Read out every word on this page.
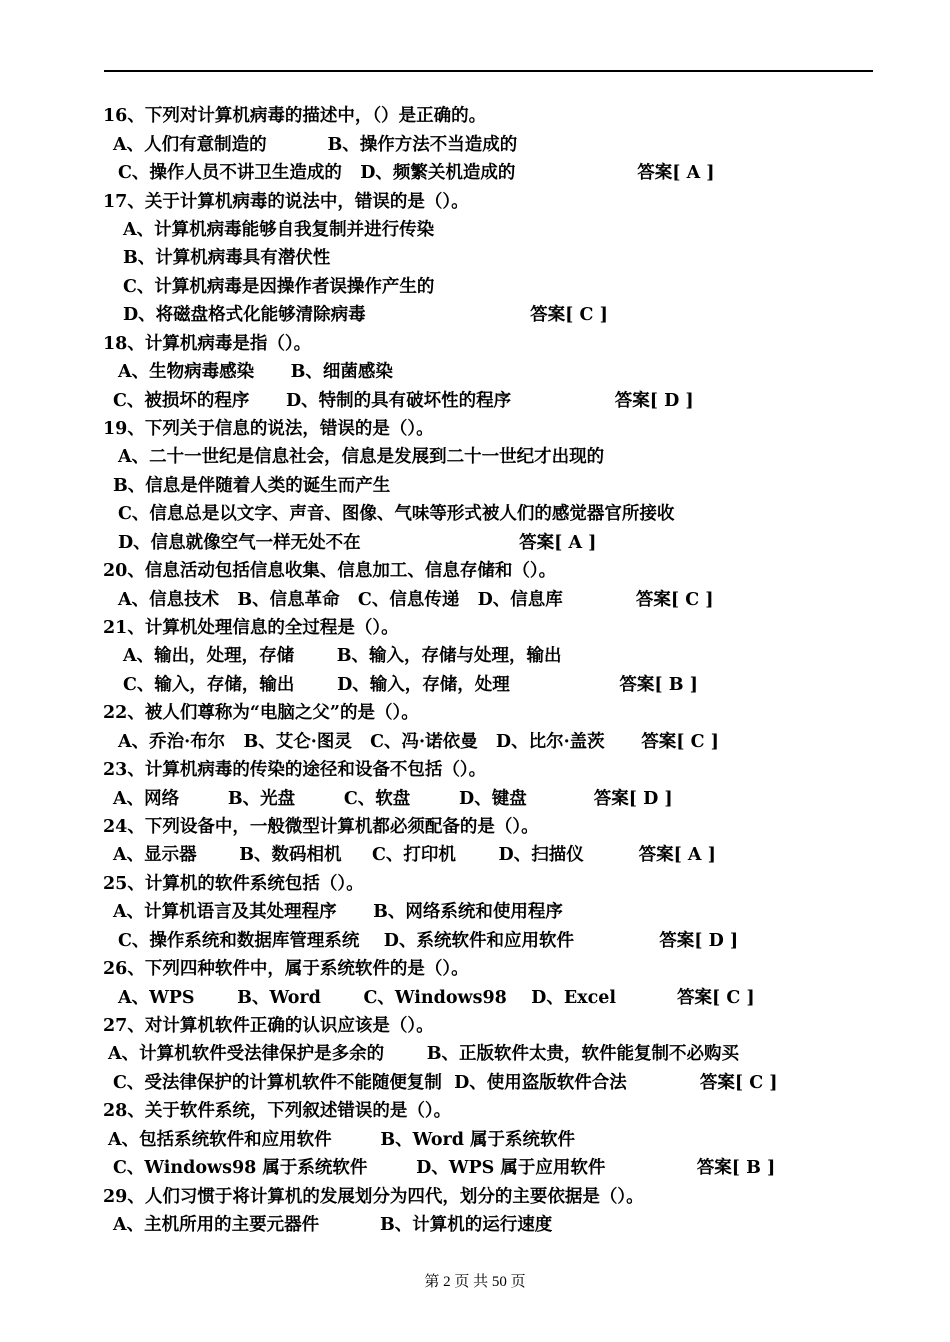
16、下列对计算机病毒的描述中，（）是正确的。
A、人们有意制造的          B、操作方法不当造成的
C、操作人员不讲卫生造成的   D、频繁关机造成的                    答案[ A ]
17、关于计算机病毒的说法中，错误的是（）。
A、计算机病毒能够自我复制并进行传染
B、计算机病毒具有潜伏性
C、计算机病毒是因操作者误操作产生的
D、将磁盘格式化能够清除病毒                           答案[ C ]
18、计算机病毒是指（）。
A、生物病毒感染      B、细菌感染
C、被损坏的程序      D、特制的具有破坏性的程序                 答案[ D ]
19、下列关于信息的说法，错误的是（）。
A、二十一世纪是信息社会，信息是发展到二十一世纪才出现的
B、信息是伴随着人类的诞生而产生
C、信息总是以文字、声音、图像、气味等形式被人们的感觉器官所接收
D、信息就像空气一样无处不在                          答案[ A ]
20、信息活动包括信息收集、信息加工、信息存储和（）。
A、信息技术   B、信息革命   C、信息传递   D、信息库            答案[ C ]
21、计算机处理信息的全过程是（）。
A、输出，处理，存储       B、输入，存储与处理，输出
C、输入，存储，输出       D、输入，存储，处理                  答案[ B ]
22、被人们尊称为“电脑之父”的是（）。
A、乔治·布尔   B、艾仑·图灵   C、冯·诺依曼   D、比尔·盖茨      答案[ C ]
23、计算机病毒的传染的途径和设备不包括（）。
A、网络        B、光盘        C、软盘        D、键盘           答案[ D ]
24、下列设备中，一般微型计算机都必须配备的是（）。
A、显示器       B、数码相机     C、打印机       D、扫描仪         答案[ A ]
25、计算机的软件系统包括（）。
A、计算机语言及其处理程序      B、网络系统和使用程序
C、操作系统和数据库管理系统    D、系统软件和应用软件              答案[ D ]
26、下列四种软件中，属于系统软件的是（）。
A、WPS       B、Word       C、Windows98    D、Excel          答案[ C ]
27、对计算机软件正确的认识应该是（）。
A、计算机软件受法律保护是多余的       B、正版软件太贵，软件能复制不必购买
C、受法律保护的计算机软件不能随便复制  D、使用盗版软件合法            答案[ C ]
28、关于软件系统，下列叙述错误的是（）。
A、包括系统软件和应用软件        B、Word 属于系统软件
C、Windows98 属于系统软件        D、WPS 属于应用软件               答案[ B ]
29、人们习惯于将计算机的发展划分为四代，划分的主要依据是（）。
A、主机所用的主要元器件          B、计算机的运行速度
第 2 页 共 50 页
